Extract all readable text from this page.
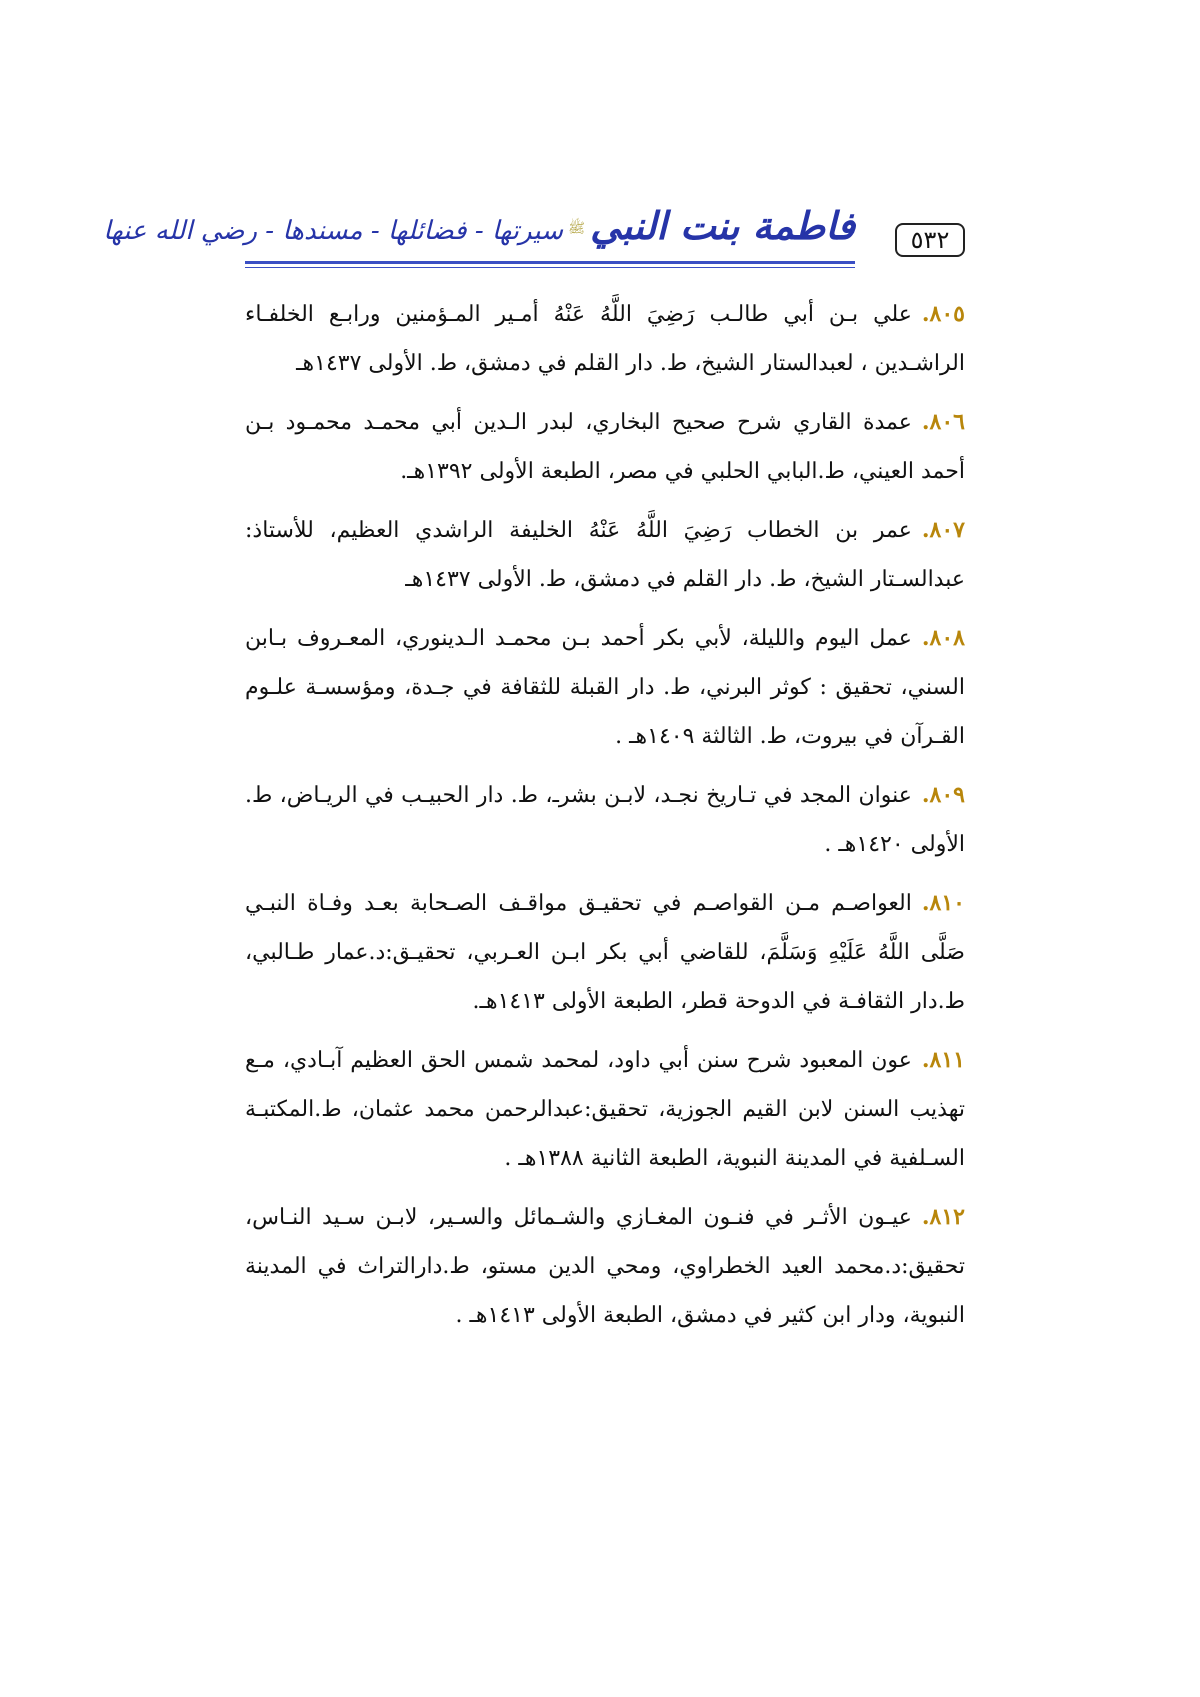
٥٣٢
فاطمة بنت النبي ﷺ سيرتها - فضائلها - مسندها - رضي الله عنها
٨٠٥.علي بـن أبي طالـب رَضِيَ اللَّهُ عَنْهُ أمـير المـؤمنين ورابـع الخلفـاء الراشـدين ، لعبدالستار الشيخ، ط. دار القلم في دمشق، ط. الأولى ١٤٣٧هـ
٨٠٦.عمدة القاري شرح صحيح البخاري، لبدر الـدين أبي محمـد محمـود بـن أحمد العيني، ط.البابي الحلبي في مصر، الطبعة الأولى ١٣٩٢هـ.
٨٠٧.عمر بن الخطاب رَضِيَ اللَّهُ عَنْهُ الخليفة الراشدي العظيم، للأستاذ: عبدالسـتار الشيخ، ط. دار القلم في دمشق، ط. الأولى ١٤٣٧هـ
٨٠٨.عمل اليوم والليلة، لأبي بكر أحمد بـن محمـد الـدينوري، المعـروف بـابن السني، تحقيق : كوثر البرني، ط. دار القبلة للثقافة في جـدة، ومؤسسـة علـوم القـرآن في بيروت، ط. الثالثة ١٤٠٩هـ .
٨٠٩.عنوان المجد في تـاريخ نجـد، لابـن بشرـ، ط. دار الحبيـب في الريـاض، ط. الأولى ١٤٢٠هـ .
٨١٠.العواصـم مـن القواصـم في تحقيـق مواقـف الصـحابة بعـد وفـاة النبـي صَلَّى اللَّهُ عَلَيْهِ وَسَلَّمَ، للقاضي أبي بكر ابـن العـربي، تحقيـق:د.عمار طـالبي، ط.دار الثقافـة في الدوحة قطر، الطبعة الأولى ١٤١٣هـ.
٨١١.عون المعبود شرح سنن أبي داود، لمحمد شمس الحق العظيم آبـادي، مـع تهذيب السنن لابن القيم الجوزية، تحقيق:عبدالرحمن محمد عثمان، ط.المكتبـة السـلفية في المدينة النبوية، الطبعة الثانية ١٣٨٨هـ .
٨١٢.عيـون الأثـر في فنـون المغـازي والشـمائل والسـير، لابـن سـيد النـاس، تحقيق:د.محمد العيد الخطراوي، ومحي الدين مستو، ط.دارالتراث في المدينة النبوية، ودار ابن كثير في دمشق، الطبعة الأولى ١٤١٣هـ .
